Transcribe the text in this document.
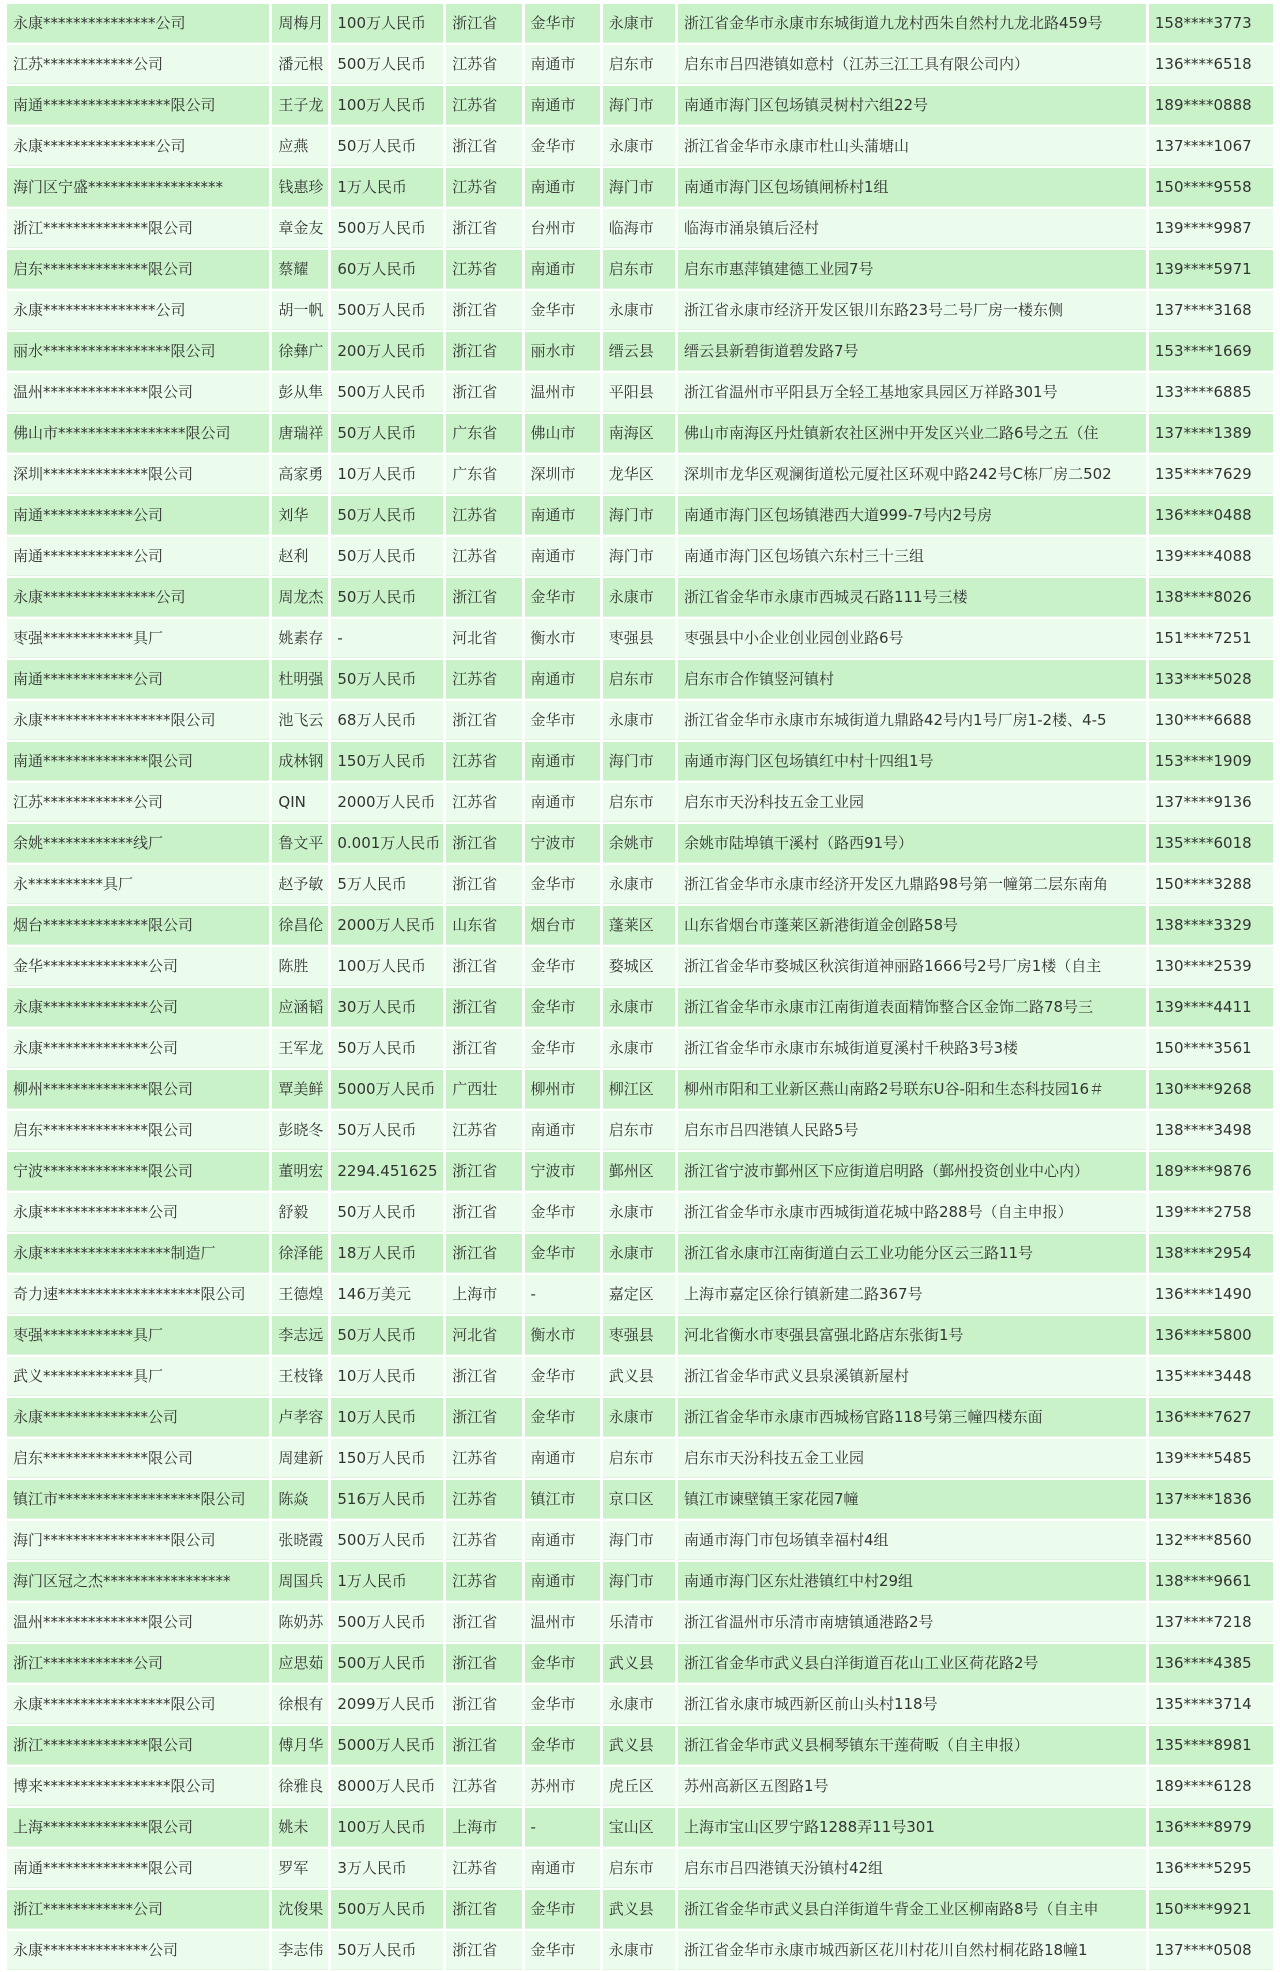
永康***************公司	周梅月	100万人民币	浙江省	金华市	永康市	浙江省金华市永康市东城街道九龙村西朱自然村九龙北路459号	158****3773
江苏************公司	潘元根	500万人民币	江苏省	南通市	启东市	启东市吕四港镇如意村（江苏三江工具有限公司内）	136****6518
南通*****************限公司	王子龙	100万人民币	江苏省	南通市	海门市	南通市海门区包场镇灵树村六组22号	189****0888
永康***************公司	应燕	50万人民币	浙江省	金华市	永康市	浙江省金华市永康市杜山头蒲塘山	137****1067
海门区宁盛******************	钱惠珍	1万人民币	江苏省	南通市	海门市	南通市海门区包场镇闸桥村1组	150****9558
浙江**************限公司	章金友	500万人民币	浙江省	台州市	临海市	临海市涌泉镇后泾村	139****9987
启东**************限公司	蔡耀	60万人民币	江苏省	南通市	启东市	启东市惠萍镇建德工业园7号	139****5971
永康***************公司	胡一帆	500万人民币	浙江省	金华市	永康市	浙江省永康市经济开发区银川东路23号二号厂房一楼东侧	137****3168
丽水*****************限公司	徐彝广	200万人民币	浙江省	丽水市	缙云县	缙云县新碧街道碧发路7号	153****1669
温州**************限公司	彭从隼	500万人民币	浙江省	温州市	平阳县	浙江省温州市平阳县万全轻工基地家具园区万祥路301号	133****6885
佛山市*****************限公司	唐瑞祥	50万人民币	广东省	佛山市	南海区	佛山市南海区丹灶镇新农社区洲中开发区兴业二路6号之五（住	137****1389
深圳**************限公司	高家勇	10万人民币	广东省	深圳市	龙华区	深圳市龙华区观澜街道松元厦社区环观中路242号C栋厂房二502	135****7629
南通************公司	刘华	50万人民币	江苏省	南通市	海门市	南通市海门区包场镇港西大道999-7号内2号房	136****0488
南通************公司	赵利	50万人民币	江苏省	南通市	海门市	南通市海门区包场镇六东村三十三组	139****4088
永康***************公司	周龙杰	50万人民币	浙江省	金华市	永康市	浙江省金华市永康市西城灵石路111号三楼	138****8026
枣强************具厂	姚素存	-	河北省	衡水市	枣强县	枣强县中小企业创业园创业路6号	151****7251
南通************公司	杜明强	50万人民币	江苏省	南通市	启东市	启东市合作镇竖河镇村	133****5028
永康*****************限公司	池飞云	68万人民币	浙江省	金华市	永康市	浙江省金华市永康市东城街道九鼎路42号内1号厂房1-2楼、4-5	130****6688
南通**************限公司	成林钢	150万人民币	江苏省	南通市	海门市	南通市海门区包场镇红中村十四组1号	153****1909
江苏************公司	QIN	2000万人民币	江苏省	南通市	启东市	启东市天汾科技五金工业园	137****9136
余姚************线厂	鲁文平	0.001万人民币	浙江省	宁波市	余姚市	余姚市陆埠镇干溪村（路西91号）	135****6018
永**********具厂	赵予敏	5万人民币	浙江省	金华市	永康市	浙江省金华市永康市经济开发区九鼎路98号第一幢第二层东南角	150****3288
烟台**************限公司	徐昌伦	2000万人民币	山东省	烟台市	蓬莱区	山东省烟台市蓬莱区新港街道金创路58号	138****3329
金华**************公司	陈胜	100万人民币	浙江省	金华市	婺城区	浙江省金华市婺城区秋滨街道神丽路1666号2号厂房1楼（自主	130****2539
永康**************公司	应涵韬	30万人民币	浙江省	金华市	永康市	浙江省金华市永康市江南街道表面精饰整合区金饰二路78号三	139****4411
永康**************公司	王军龙	50万人民币	浙江省	金华市	永康市	浙江省金华市永康市东城街道夏溪村千秧路3号3楼	150****3561
柳州**************限公司	覃美鲜	5000万人民币	广西壮	柳州市	柳江区	柳州市阳和工业新区燕山南路2号联东U谷-阳和生态科技园16＃	130****9268
启东**************限公司	彭晓冬	50万人民币	江苏省	南通市	启东市	启东市吕四港镇人民路5号	138****3498
宁波**************限公司	董明宏	2294.451625	浙江省	宁波市	鄞州区	浙江省宁波市鄞州区下应街道启明路（鄞州投资创业中心内）	189****9876
永康**************公司	舒毅	50万人民币	浙江省	金华市	永康市	浙江省金华市永康市西城街道花城中路288号（自主申报）	139****2758
永康*****************制造厂	徐泽能	18万人民币	浙江省	金华市	永康市	浙江省永康市江南街道白云工业功能分区云三路11号	138****2954
奇力速*******************限公司	王德煌	146万美元	上海市	-	嘉定区	上海市嘉定区徐行镇新建二路367号	136****1490
枣强************具厂	李志远	50万人民币	河北省	衡水市	枣强县	河北省衡水市枣强县富强北路店东张街1号	136****5800
武义************具厂	王枝锋	10万人民币	浙江省	金华市	武义县	浙江省金华市武义县泉溪镇新屋村	135****3448
永康**************公司	卢孝容	10万人民币	浙江省	金华市	永康市	浙江省金华市永康市西城杨官路118号第三幢四楼东面	136****7627
启东**************限公司	周建新	150万人民币	江苏省	南通市	启东市	启东市天汾科技五金工业园	139****5485
镇江市*******************限公司	陈焱	516万人民币	江苏省	镇江市	京口区	镇江市谏壁镇王家花园7幢	137****1836
海门*****************限公司	张晓霞	500万人民币	江苏省	南通市	海门市	南通市海门市包场镇幸福村4组	132****8560
海门区冠之杰*****************	周国兵	1万人民币	江苏省	南通市	海门市	南通市海门区东灶港镇红中村29组	138****9661
温州**************限公司	陈奶苏	500万人民币	浙江省	温州市	乐清市	浙江省温州市乐清市南塘镇通港路2号	137****7218
浙江************公司	应思茹	500万人民币	浙江省	金华市	武义县	浙江省金华市武义县白洋街道百花山工业区荷花路2号	136****4385
永康*****************限公司	徐根有	2099万人民币	浙江省	金华市	永康市	浙江省永康市城西新区前山头村118号	135****3714
浙江**************限公司	傅月华	5000万人民币	浙江省	金华市	武义县	浙江省金华市武义县桐琴镇东干莲荷畈（自主申报）	135****8981
博来*****************限公司	徐雅良	8000万人民币	江苏省	苏州市	虎丘区	苏州高新区五图路1号	189****6128
上海**************限公司	姚未	100万人民币	上海市	-	宝山区	上海市宝山区罗宁路1288弄11号301	136****8979
南通**************限公司	罗军	3万人民币	江苏省	南通市	启东市	启东市吕四港镇天汾镇村42组	136****5295
浙江************公司	沈俊果	500万人民币	浙江省	金华市	武义县	浙江省金华市武义县白洋街道牛背金工业区柳南路8号（自主申	150****9921
永康**************公司	李志伟	50万人民币	浙江省	金华市	永康市	浙江省金华市永康市城西新区花川村花川自然村桐花路18幢1	137****0508
